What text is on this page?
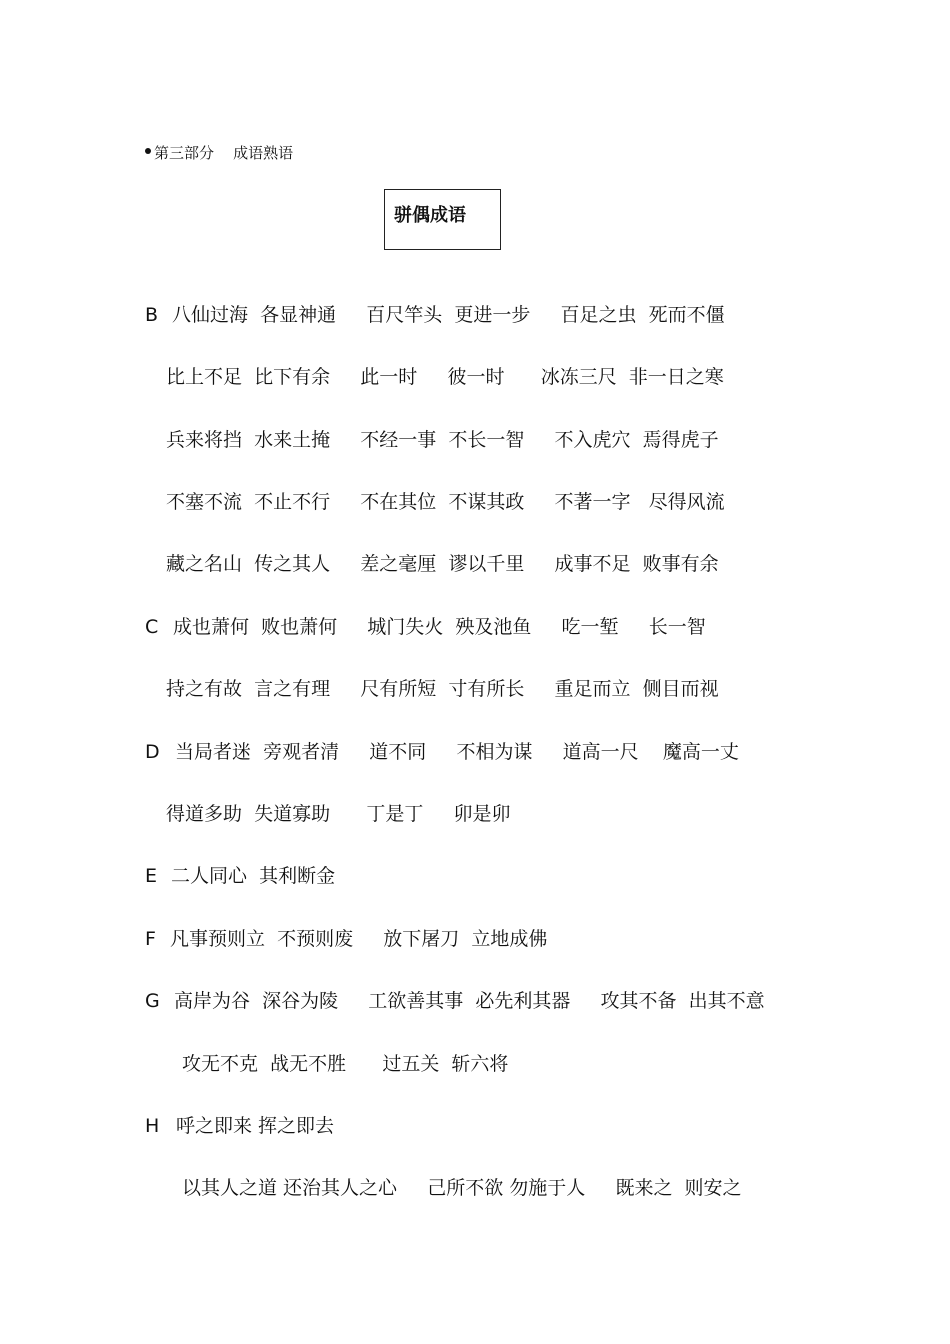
第三部分    成语熟语
骈偶成语
B 八仙过海  各显神通     百尺竿头  更进一步     百足之虫  死而不僵
比上不足  比下有余     此一时     彼一时      冰冻三尺  非一日之寒
兵来将挡  水来土掩     不经一事  不长一智     不入虎穴  焉得虎子
不塞不流  不止不行     不在其位  不谋其政     不著一字   尽得风流
藏之名山  传之其人     差之毫厘  谬以千里     成事不足  败事有余
C 成也萧何  败也萧何     城门失火  殃及池鱼     吃一堑     长一智
持之有故  言之有理     尺有所短  寸有所长     重足而立  侧目而视
D 当局者迷  旁观者清     道不同     不相为谋     道高一尺    魔高一丈
得道多助  失道寡助      丁是丁     卯是卯
E 二人同心  其利断金
F 凡事预则立  不预则废     放下屠刀  立地成佛
G 高岸为谷  深谷为陵     工欲善其事  必先利其器     攻其不备  出其不意
攻无不克  战无不胜      过五关  斩六将
H 呼之即来 挥之即去
以其人之道 还治其人之心     己所不欲 勿施于人     既来之  则安之
